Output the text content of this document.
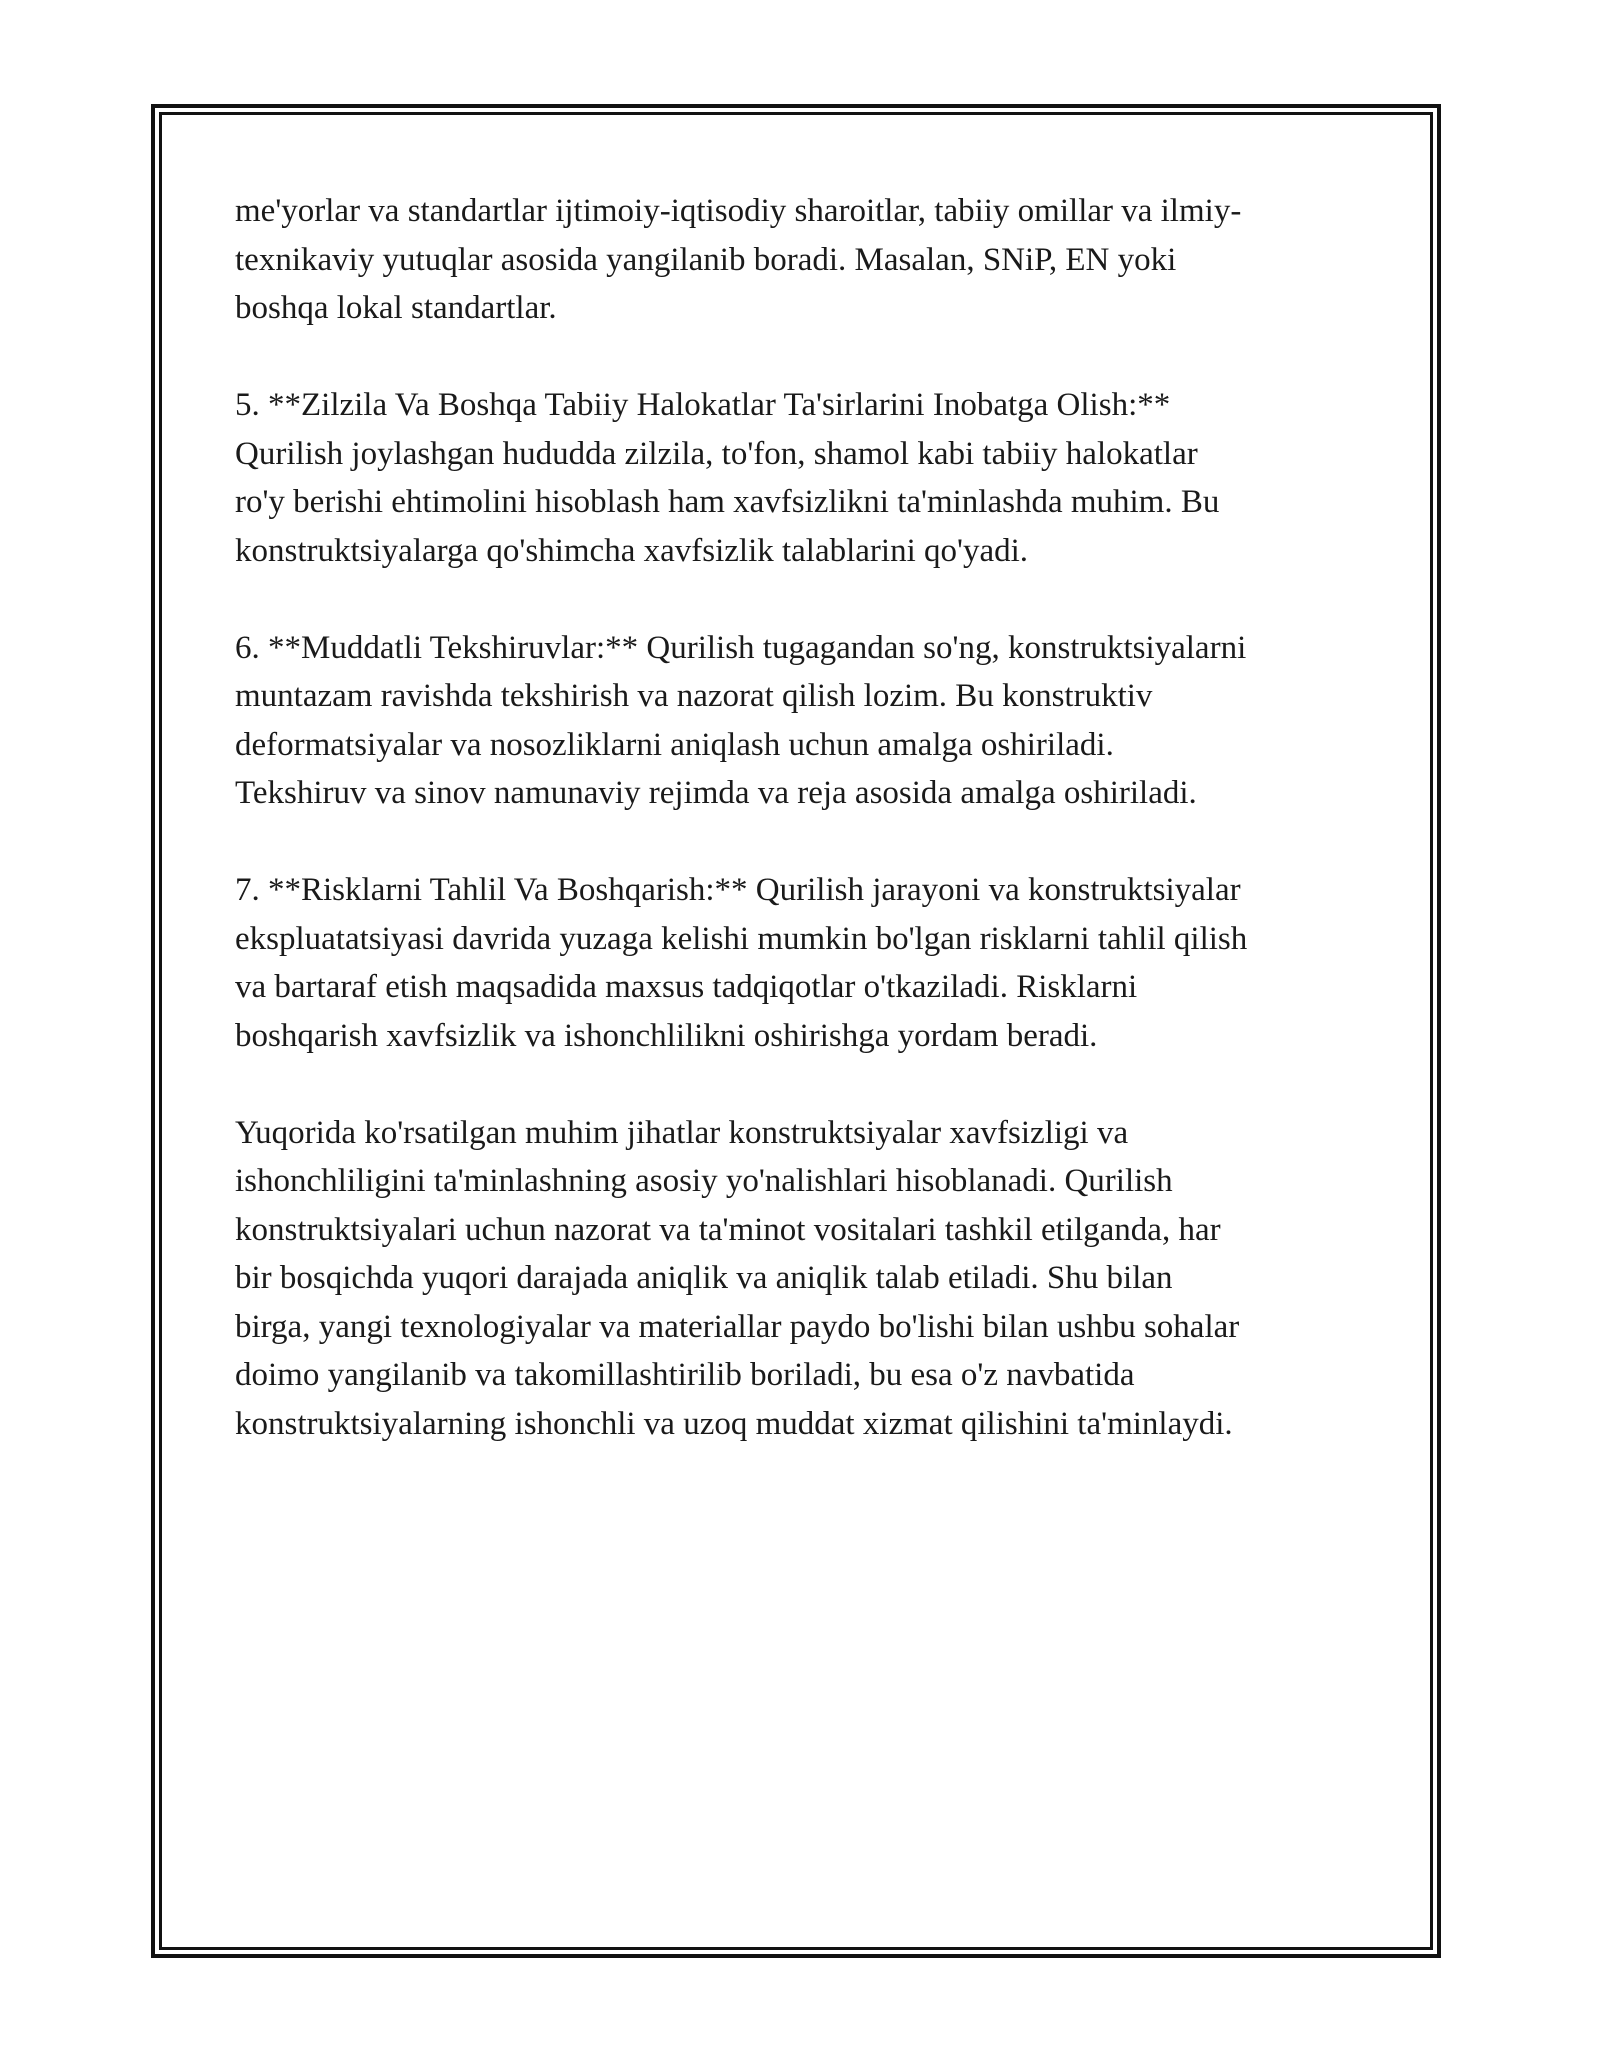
me'yorlar va standartlar ijtimoiy-iqtisodiy sharoitlar, tabiiy omillar va ilmiy-
texnikaviy yutuqlar asosida yangilanib boradi. Masalan, SNiP, EN yoki
boshqa lokal standartlar.

5. **Zilzila Va Boshqa Tabiiy Halokatlar Ta'sirlarini Inobatga Olish:**
Qurilish joylashgan hududda zilzila, to'fon, shamol kabi tabiiy halokatlar
ro'y berishi ehtimolini hisoblash ham xavfsizlikni ta'minlashda muhim. Bu
konstruktsiyalarga qo'shimcha xavfsizlik talablarini qo'yadi.

6. **Muddatli Tekshiruvlar:** Qurilish tugagandan so'ng, konstruktsiyalarni
muntazam ravishda tekshirish va nazorat qilish lozim. Bu konstruktiv
deformatsiyalar va nosozliklarni aniqlash uchun amalga oshiriladi.
Tekshiruv va sinov namunaviy rejimda va reja asosida amalga oshiriladi.

7. **Risklarni Tahlil Va Boshqarish:** Qurilish jarayoni va konstruktsiyalar
ekspluatatsiyasi davrida yuzaga kelishi mumkin bo'lgan risklarni tahlil qilish
va bartaraf etish maqsadida maxsus tadqiqotlar o'tkaziladi. Risklarni
boshqarish xavfsizlik va ishonchlilikni oshirishga yordam beradi.

Yuqorida ko'rsatilgan muhim jihatlar konstruktsiyalar xavfsizligi va
ishonchliligini ta'minlashning asosiy yo'nalishlari hisoblanadi. Qurilish
konstruktsiyalari uchun nazorat va ta'minot vositalari tashkil etilganda, har
bir bosqichda yuqori darajada aniqlik va aniqlik talab etiladi. Shu bilan
birga, yangi texnologiyalar va materiallar paydo bo'lishi bilan ushbu sohalar
doimo yangilanib va takomillashtirilib boriladi, bu esa o'z navbatida
konstruktsiyalarning ishonchli va uzoq muddat xizmat qilishini ta'minlaydi.
